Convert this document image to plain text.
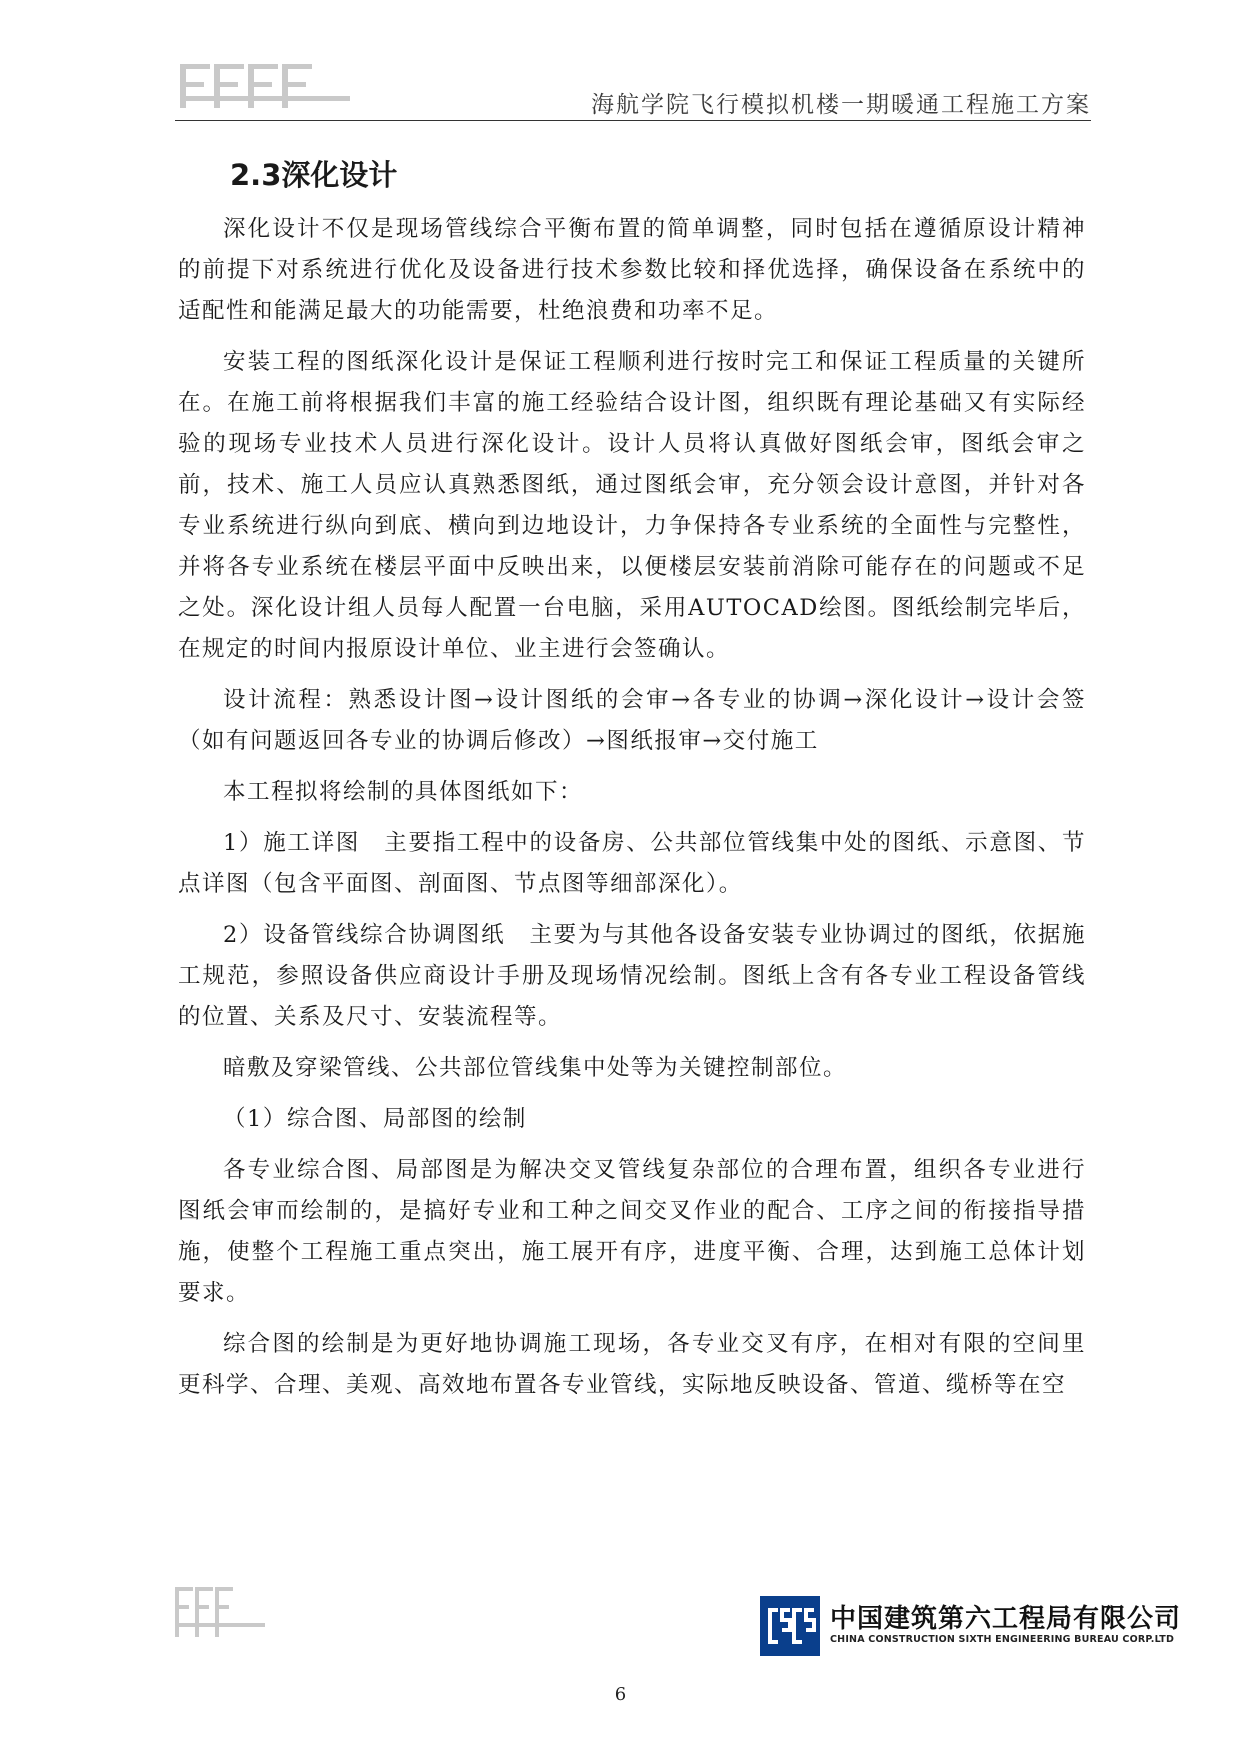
海航学院飞行模拟机楼一期暖通工程施工方案
2.3深化设计

深化设计不仅是现场管线综合平衡布置的简单调整，同时包括在遵循原设计精神的前提下对系统进行优化及设备进行技术参数比较和择优选择，确保设备在系统中的适配性和能满足最大的功能需要，杜绝浪费和功率不足。

安装工程的图纸深化设计是保证工程顺利进行按时完工和保证工程质量的关键所在。在施工前将根据我们丰富的施工经验结合设计图，组织既有理论基础又有实际经验的现场专业技术人员进行深化设计。设计人员将认真做好图纸会审，图纸会审之前，技术、施工人员应认真熟悉图纸，通过图纸会审，充分领会设计意图，并针对各专业系统进行纵向到底、横向到边地设计，力争保持各专业系统的全面性与完整性，并将各专业系统在楼层平面中反映出来，以便楼层安装前消除可能存在的问题或不足之处。深化设计组人员每人配置一台电脑，采用AUTOCAD绘图。图纸绘制完毕后，在规定的时间内报原设计单位、业主进行会签确认。

设计流程：熟悉设计图→设计图纸的会审→各专业的协调→深化设计→设计会签（如有问题返回各专业的协调后修改）→图纸报审→交付施工

本工程拟将绘制的具体图纸如下：

1）施工详图　主要指工程中的设备房、公共部位管线集中处的图纸、示意图、节点详图（包含平面图、剖面图、节点图等细部深化）。

2）设备管线综合协调图纸　主要为与其他各设备安装专业协调过的图纸，依据施工规范，参照设备供应商设计手册及现场情况绘制。图纸上含有各专业工程设备管线的位置、关系及尺寸、安装流程等。

暗敷及穿梁管线、公共部位管线集中处等为关键控制部位。

（1）综合图、局部图的绘制

各专业综合图、局部图是为解决交叉管线复杂部位的合理布置，组织各专业进行图纸会审而绘制的，是搞好专业和工种之间交叉作业的配合、工序之间的衔接指导措施，使整个工程施工重点突出，施工展开有序，进度平衡、合理，达到施工总体计划要求。

综合图的绘制是为更好地协调施工现场，各专业交叉有序，在相对有限的空间里更科学、合理、美观、高效地布置各专业管线，实际地反映设备、管道、缆桥等在空

中国建筑第六工程局有限公司
CHINA CONSTRUCTION SIXTH ENGINEERING BUREAU CORP.LTD
6
